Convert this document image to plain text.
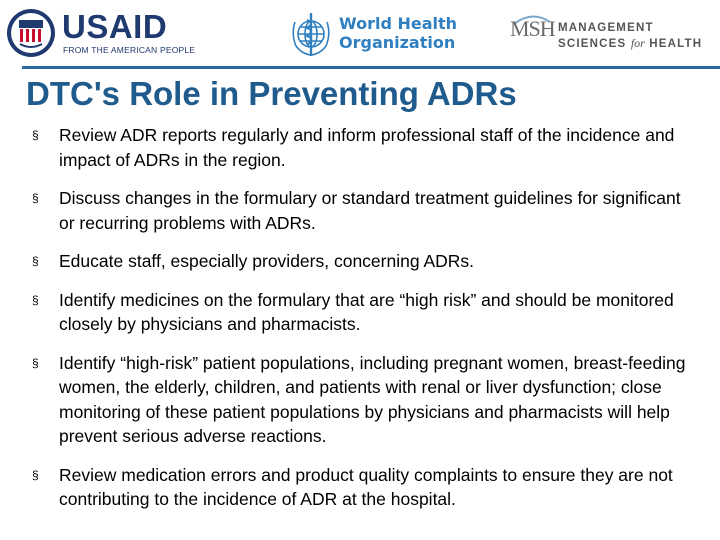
USAID
FROM THE AMERICAN PEOPLE
World Health
Organization
MSH MANAGEMENT
SCIENCES for HEALTH
DTC's Role in Preventing ADRs
§ Review ADR reports regularly and inform professional staff of the incidence and impact of ADRs in the region.
§ Discuss changes in the formulary or standard treatment guidelines for significant or recurring problems with ADRs.
§ Educate staff, especially providers, concerning ADRs.
§ Identify medicines on the formulary that are “high risk” and should be monitored closely by physicians and pharmacists.
§ Identify “high-risk” patient populations, including pregnant women, breast-feeding women, the elderly, children, and patients with renal or liver dysfunction; close monitoring of these patient populations by physicians and pharmacists will help prevent serious adverse reactions.
§ Review medication errors and product quality complaints to ensure they are not contributing to the incidence of ADR at the hospital.
